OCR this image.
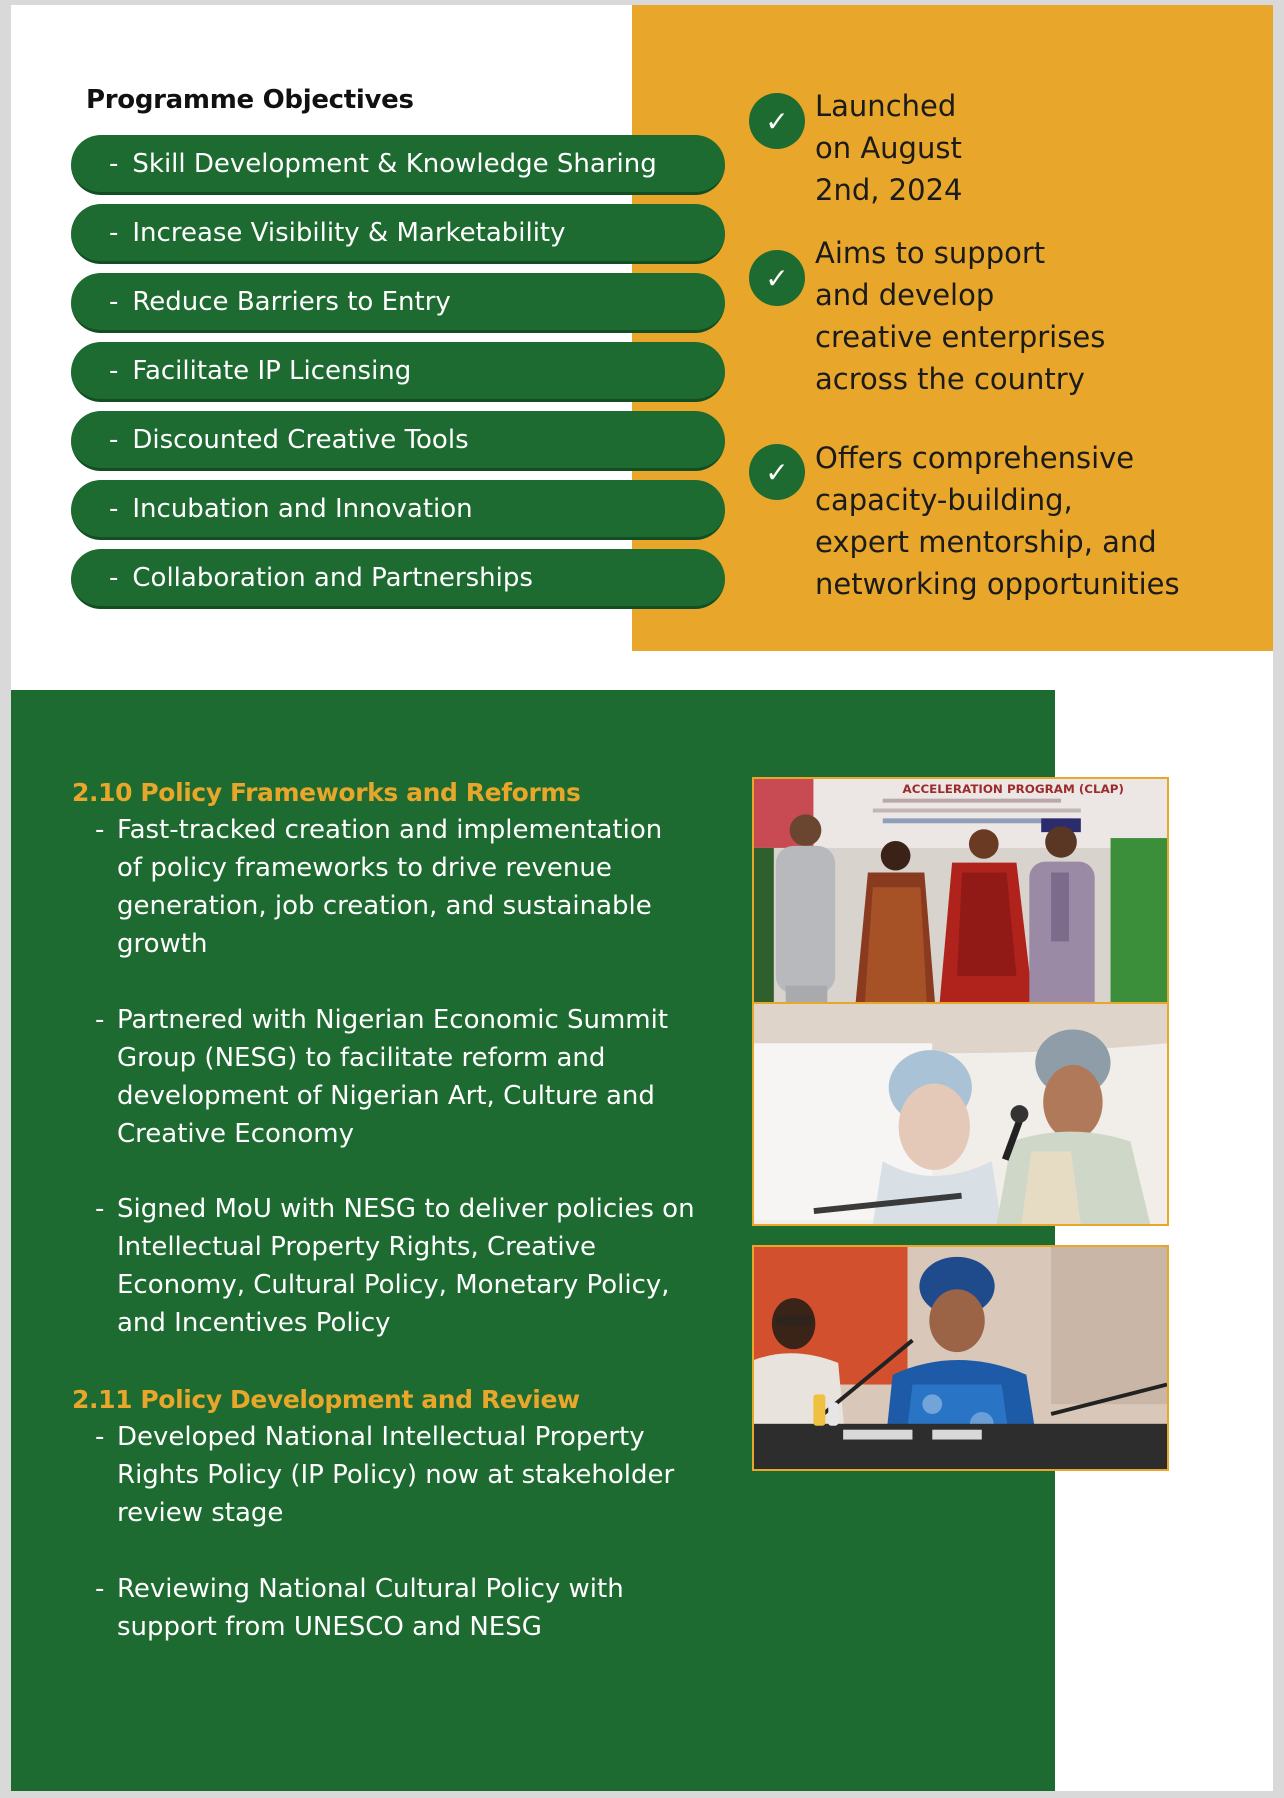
✓ Launched
on August
2nd, 2024
✓
Aims to support
and develop
creative enterprises
across the country
✓ Offers comprehensive
capacity-building,
expert mentorship, and
networking opportunities
Programme Objectives
- Skill Development & Knowledge Sharing
- Increase Visibility & Marketability
- Reduce Barriers to Entry
- Facilitate IP Licensing
- Discounted Creative Tools
- Incubation and Innovation
- Collaboration and Partnerships
2.10 Policy Frameworks and Reforms
- Fast-tracked creation and implementation
of policy frameworks to drive revenue
generation, job creation, and sustainable
growth
- Partnered with Nigerian Economic Summit
Group (NESG) to facilitate reform and
development of Nigerian Art, Culture and
Creative Economy
- Signed MoU with NESG to deliver policies on
Intellectual Property Rights, Creative
Economy, Cultural Policy, Monetary Policy,
and Incentives Policy
2.11 Policy Development and Review
- Developed National Intellectual Property
Rights Policy (IP Policy) now at stakeholder
review stage
- Reviewing National Cultural Policy with
support from UNESCO and NESG
ACCELERATION PROGRAM (CLAP)
